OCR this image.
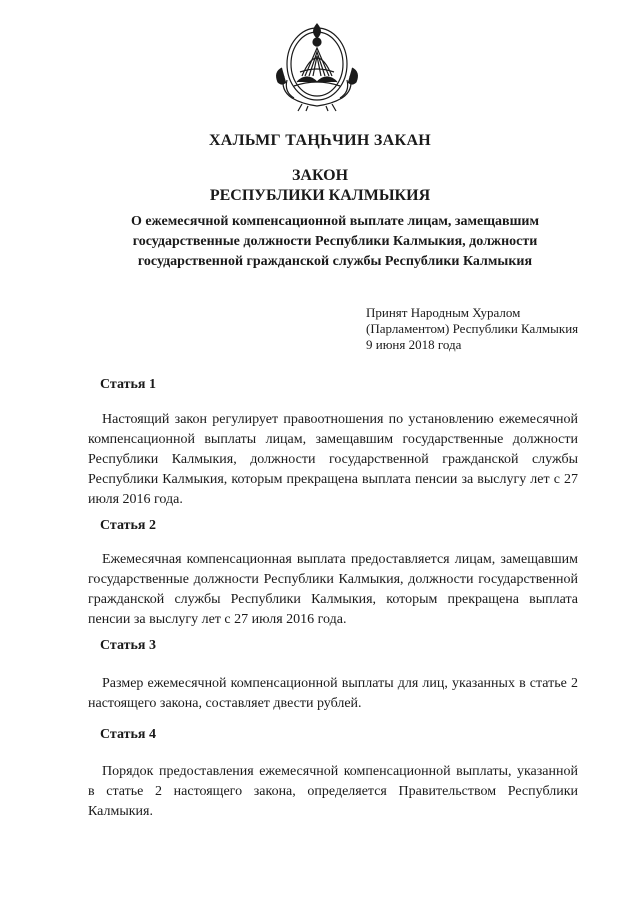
ХАЛЬМГ ТАҢҺЧИН ЗАКАН
ЗАКОН
РЕСПУБЛИКИ КАЛМЫКИЯ
О ежемесячной компенсационной выплате лицам, замещавшим государственные должности Республики Калмыкия, должности государственной гражданской службы Республики Калмыкия
Принят Народным Хуралом
(Парламентом) Республики Калмыкия
9 июня 2018 года
Статья 1
Настоящий закон регулирует правоотношения по установлению ежемесячной компенсационной выплаты лицам, замещавшим государственные должности Республики Калмыкия, должности государственной гражданской службы Республики Калмыкия, которым прекращена выплата пенсии за выслугу лет с 27 июля 2016 года.
Статья 2
Ежемесячная компенсационная выплата предоставляется лицам, замещавшим государственные должности Республики Калмыкия, должности государственной гражданской службы Республики Калмыкия, которым прекращена выплата пенсии за выслугу лет с 27 июля 2016 года.
Статья 3
Размер ежемесячной компенсационной выплаты для лиц, указанных в статье 2 настоящего закона, составляет двести рублей.
Статья 4
Порядок предоставления ежемесячной компенсационной выплаты, указанной в статье 2 настоящего закона, определяется Правительством Республики Калмыкия.
